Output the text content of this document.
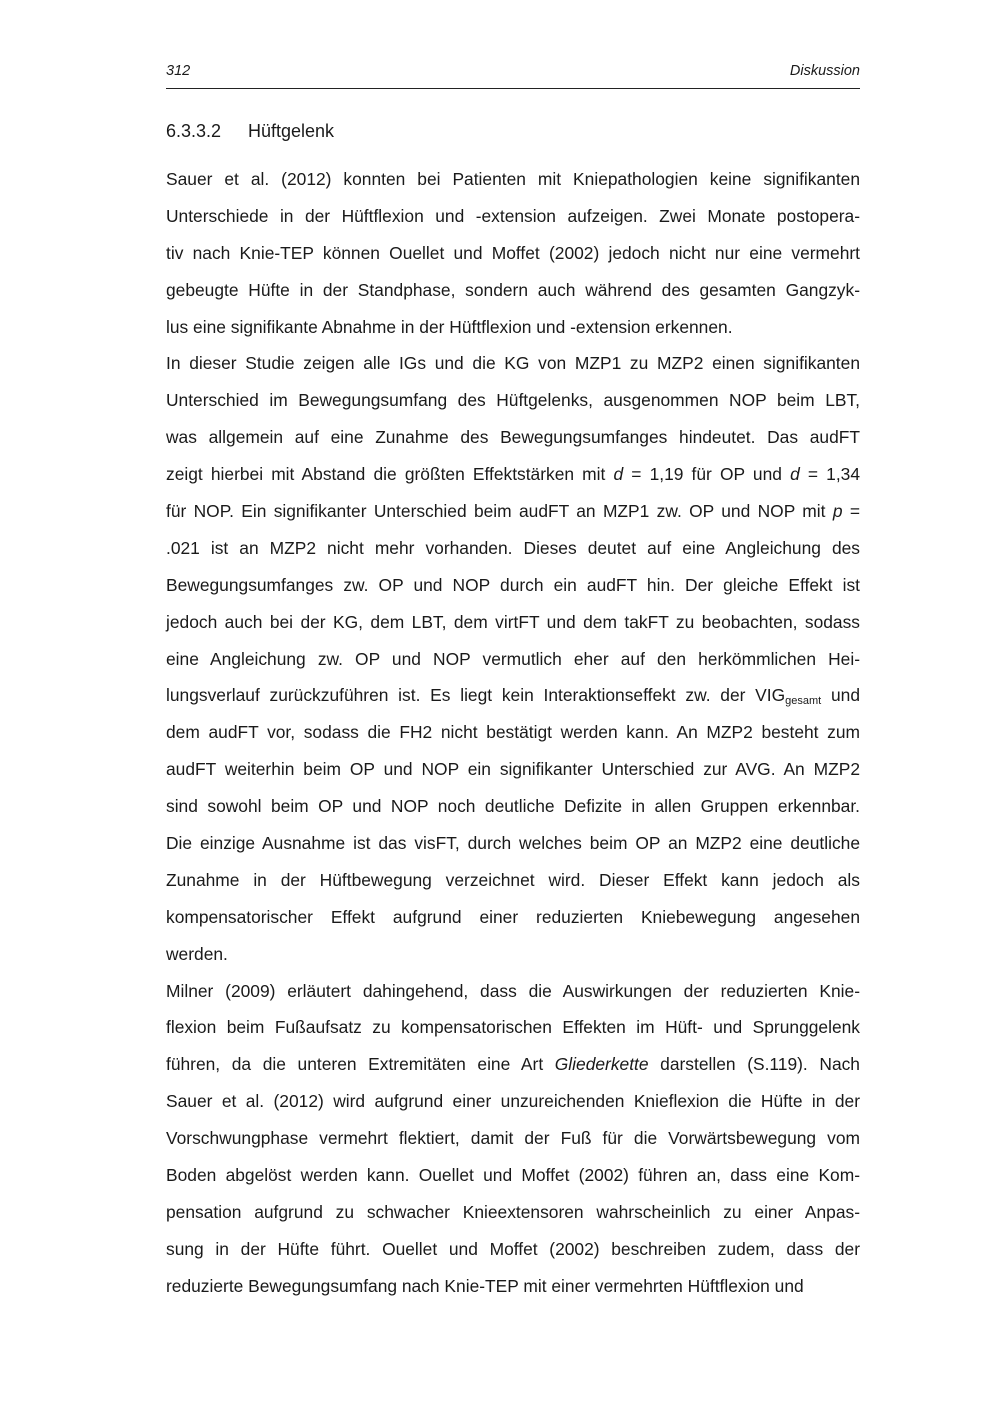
312	Diskussion
6.3.3.2 Hüftgelenk
Sauer et al. (2012) konnten bei Patienten mit Kniepathologien keine signifikanten
Unterschiede in der Hüftflexion und -extension aufzeigen. Zwei Monate postopera-
tiv nach Knie-TEP können Ouellet und Moffet (2002) jedoch nicht nur eine vermehrt
gebeugte Hüfte in der Standphase, sondern auch während des gesamten Gangzyk-
lus eine signifikante Abnahme in der Hüftflexion und -extension erkennen.
In dieser Studie zeigen alle IGs und die KG von MZP1 zu MZP2 einen signifikanten
Unterschied im Bewegungsumfang des Hüftgelenks, ausgenommen NOP beim LBT,
was allgemein auf eine Zunahme des Bewegungsumfanges hindeutet. Das audFT
zeigt hierbei mit Abstand die größten Effektstärken mit d = 1,19 für OP und d = 1,34
für NOP. Ein signifikanter Unterschied beim audFT an MZP1 zw. OP und NOP mit p =
.021 ist an MZP2 nicht mehr vorhanden. Dieses deutet auf eine Angleichung des
Bewegungsumfanges zw. OP und NOP durch ein audFT hin. Der gleiche Effekt ist
jedoch auch bei der KG, dem LBT, dem virtFT und dem takFT zu beobachten, sodass
eine Angleichung zw. OP und NOP vermutlich eher auf den herkömmlichen Hei-
lungsverlauf zurückzuführen ist. Es liegt kein Interaktionseffekt zw. der $VIG_{gesamt}$ und
dem audFT vor, sodass die FH2 nicht bestätigt werden kann. An MZP2 besteht zum
audFT weiterhin beim OP und NOP ein signifikanter Unterschied zur AVG. An MZP2
sind sowohl beim OP und NOP noch deutliche Defizite in allen Gruppen erkennbar.
Die einzige Ausnahme ist das visFT, durch welches beim OP an MZP2 eine deutliche
Zunahme in der Hüftbewegung verzeichnet wird. Dieser Effekt kann jedoch als
kompensatorischer Effekt aufgrund einer reduzierten Kniebewegung angesehen
werden.
Milner (2009) erläutert dahingehend, dass die Auswirkungen der reduzierten Knie-
flexion beim Fußaufsatz zu kompensatorischen Effekten im Hüft- und Sprunggelenk
führen, da die unteren Extremitäten eine Art Gliederkette darstellen (S.119). Nach
Sauer et al. (2012) wird aufgrund einer unzureichenden Knieflexion die Hüfte in der
Vorschwungphase vermehrt flektiert, damit der Fuß für die Vorwärtsbewegung vom
Boden abgelöst werden kann. Ouellet und Moffet (2002) führen an, dass eine Kom-
pensation aufgrund zu schwacher Knieextensoren wahrscheinlich zu einer Anpas-
sung in der Hüfte führt. Ouellet und Moffet (2002) beschreiben zudem, dass der
reduzierte Bewegungsumfang nach Knie-TEP mit einer vermehrten Hüftflexion und
